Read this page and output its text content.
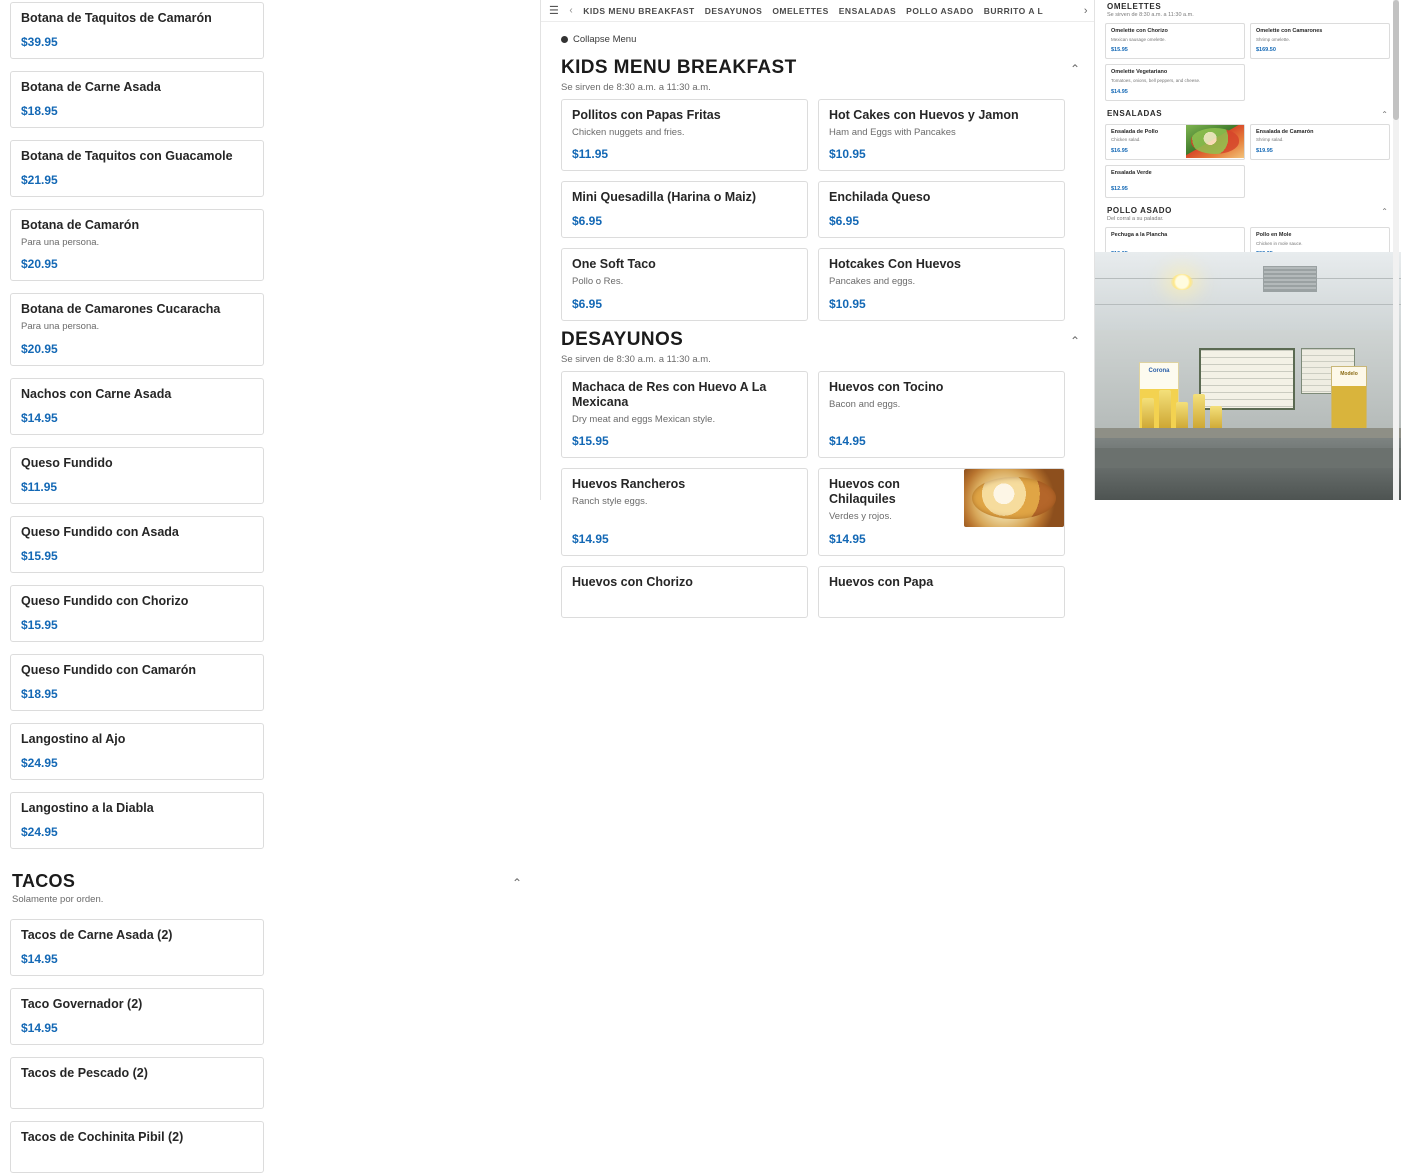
Botana de Taquitos de Camarón
$39.95
Botana de Carne Asada
$18.95
Botana de Taquitos con Guacamole
$21.95
Botana de Camarón
Para una persona.
$20.95
Botana de Camarones Cucaracha
Para una persona.
$20.95
Nachos con Carne Asada
$14.95
Queso Fundido
$11.95
Queso Fundido con Asada
$15.95
Queso Fundido con Chorizo
$15.95
Queso Fundido con Camarón
$18.95
Langostino al Ajo
$24.95
Langostino a la Diabla
$24.95
TACOS
Solamente por orden.
⌃
Tacos de Carne Asada (2)
$14.95
Taco Governador (2)
$14.95
Tacos de Pescado (2)
Tacos de Cochinita Pibil (2)
☰ ‹ KIDS MENU BREAKFAST DESAYUNOS OMELETTES ENSALADAS POLLO ASADO BURRITO A L	›
Collapse Menu
KIDS MENU BREAKFAST
Se sirven de 8:30 a.m. a 11:30 a.m.
⌃
Pollitos con Papas Fritas
Chicken nuggets and fries.
$11.95
Hot Cakes con Huevos y Jamon
Ham and Eggs with Pancakes
$10.95
Mini Quesadilla (Harina o Maiz)
$6.95
Enchilada Queso
$6.95
One Soft Taco
Pollo o Res.
$6.95
Hotcakes Con Huevos
Pancakes and eggs.
$10.95
DESAYUNOS
Se sirven de 8:30 a.m. a 11:30 a.m.
⌃
Machaca de Res con Huevo A La Mexicana
Dry meat and eggs Mexican style.
$15.95
Huevos con Tocino
Bacon and eggs.
$14.95
Huevos Rancheros
Ranch style eggs.
$14.95
Huevos con Chilaquiles
Verdes y rojos.
$14.95
Huevos con Chorizo	Huevos con Papa
OMELETTES
Se sirven de 8:30 a.m. a 11:30 a.m.
Omelette con Chorizo
Mexican sausage omelette.
$15.95
Omelette con Camarones
Shrimp omelette.
$169.50
Omelette Vegetariano
Tomatoes, onions, bell peppers, and cheese.
$14.95
ENSALADAS	⌃
Ensalada de Pollo
Chicken salad.
$16.95
Ensalada de Camarón
Shrimp salad.
$19.95
Ensalada Verde
$12.95
POLLO ASADO
Del corral a su paladar.
⌃
Pechuga a la Plancha	Pollo en Mole
Chicken in mole sauce.
Corona	Modelo
